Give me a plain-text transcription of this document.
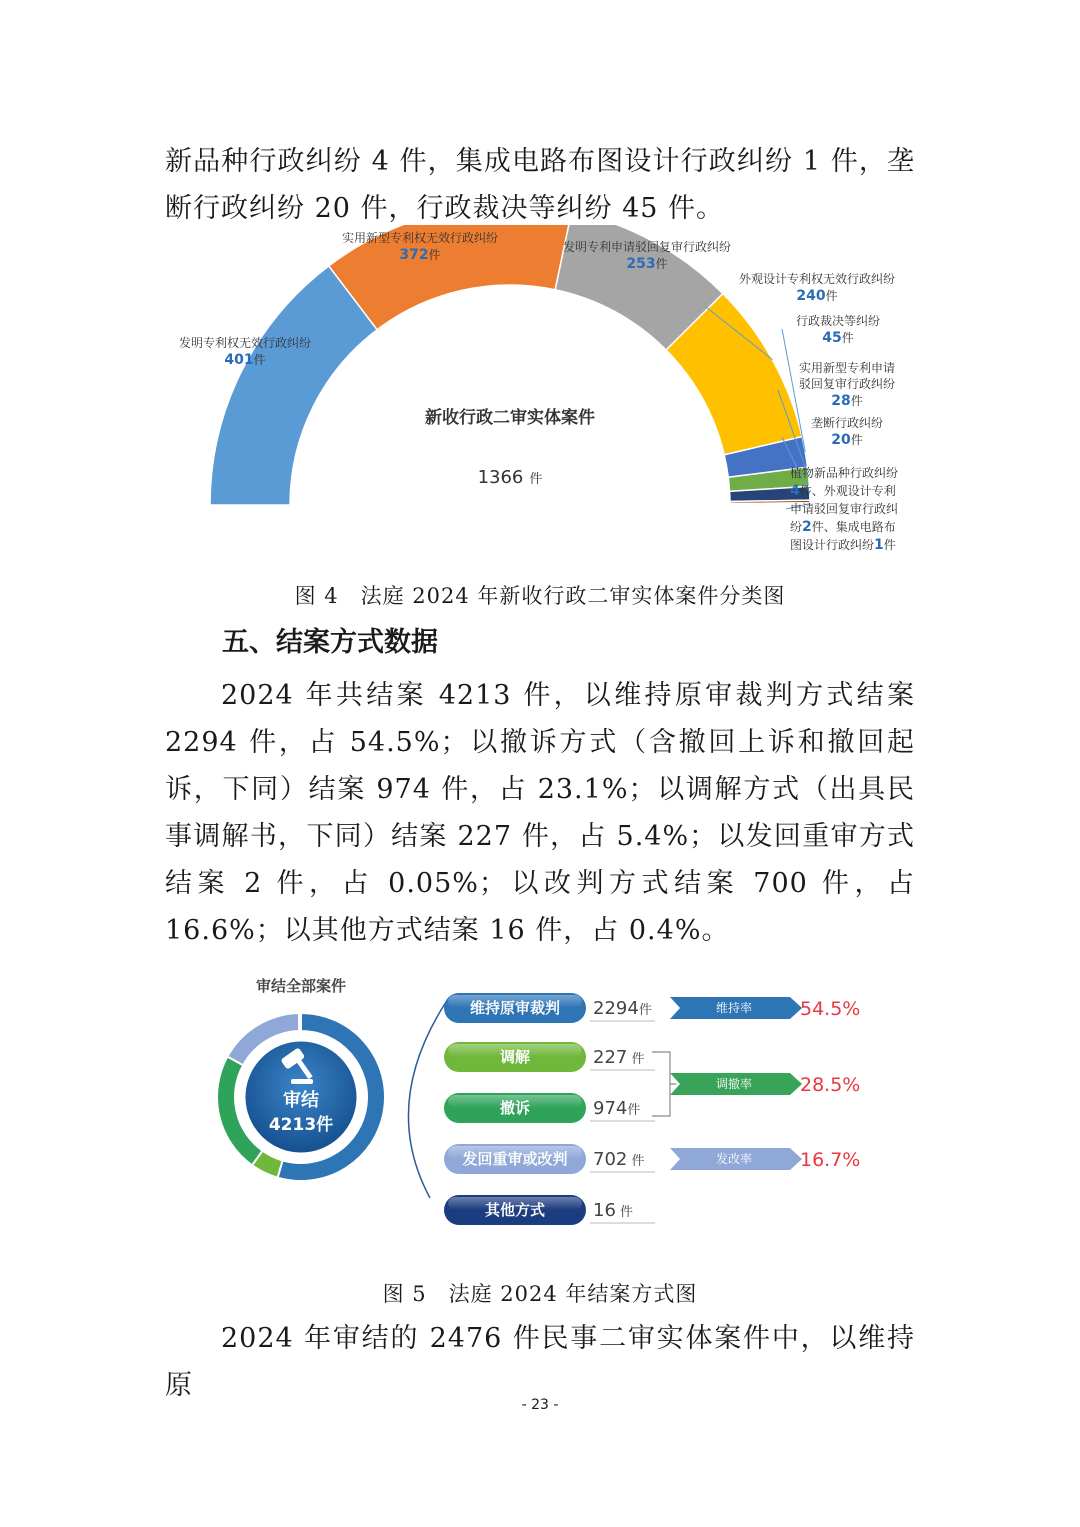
新品种行政纠纷 4 件，集成电路布图设计行政纠纷 1 件，垄断行政纠纷 20 件，行政裁决等纠纷 45 件。

发明专利权无效行政纠纷
401件
实用新型专利权无效行政纠纷
372件
发明专利申请驳回复审行政纠纷
253件
外观设计专利权无效行政纠纷
240件
行政裁决等纠纷
45件
实用新型专利申请
驳回复审行政纠纷
28件
垄断行政纠纷
20件
植物新品种行政纠纷
4件、外观设计专利
申请驳回复审行政纠
纷2件、集成电路布
图设计行政纠纷1件
新收行政二审实体案件
1366 件
图 4　法庭 2024 年新收行政二审实体案件分类图
五、结案方式数据

2024 年共结案 4213 件，以维持原审裁判方式结案 2294 件，占 54.5%；以撤诉方式（含撤回上诉和撤回起诉，下同）结案 974 件，占 23.1%；以调解方式（出具民事调解书，下同）结案 227 件，占 5.4%；以发回重审方式结案 2 件，占 0.05%；以改判方式结案 700 件，占 16.6%；以其他方式结案 16 件，占 0.4%。

审结全部案件
审结
4213件
维持原审裁判 2294件
调解	227 件
撤诉	974件
发回重审或改判 702 件
其他方式	16 件
维持率	54.5%
调撤率	28.5%
发改率	16.7%
图 5　法庭 2024 年结案方式图

2024 年审结的 2476 件民事二审实体案件中，以维持原

- 23 -
